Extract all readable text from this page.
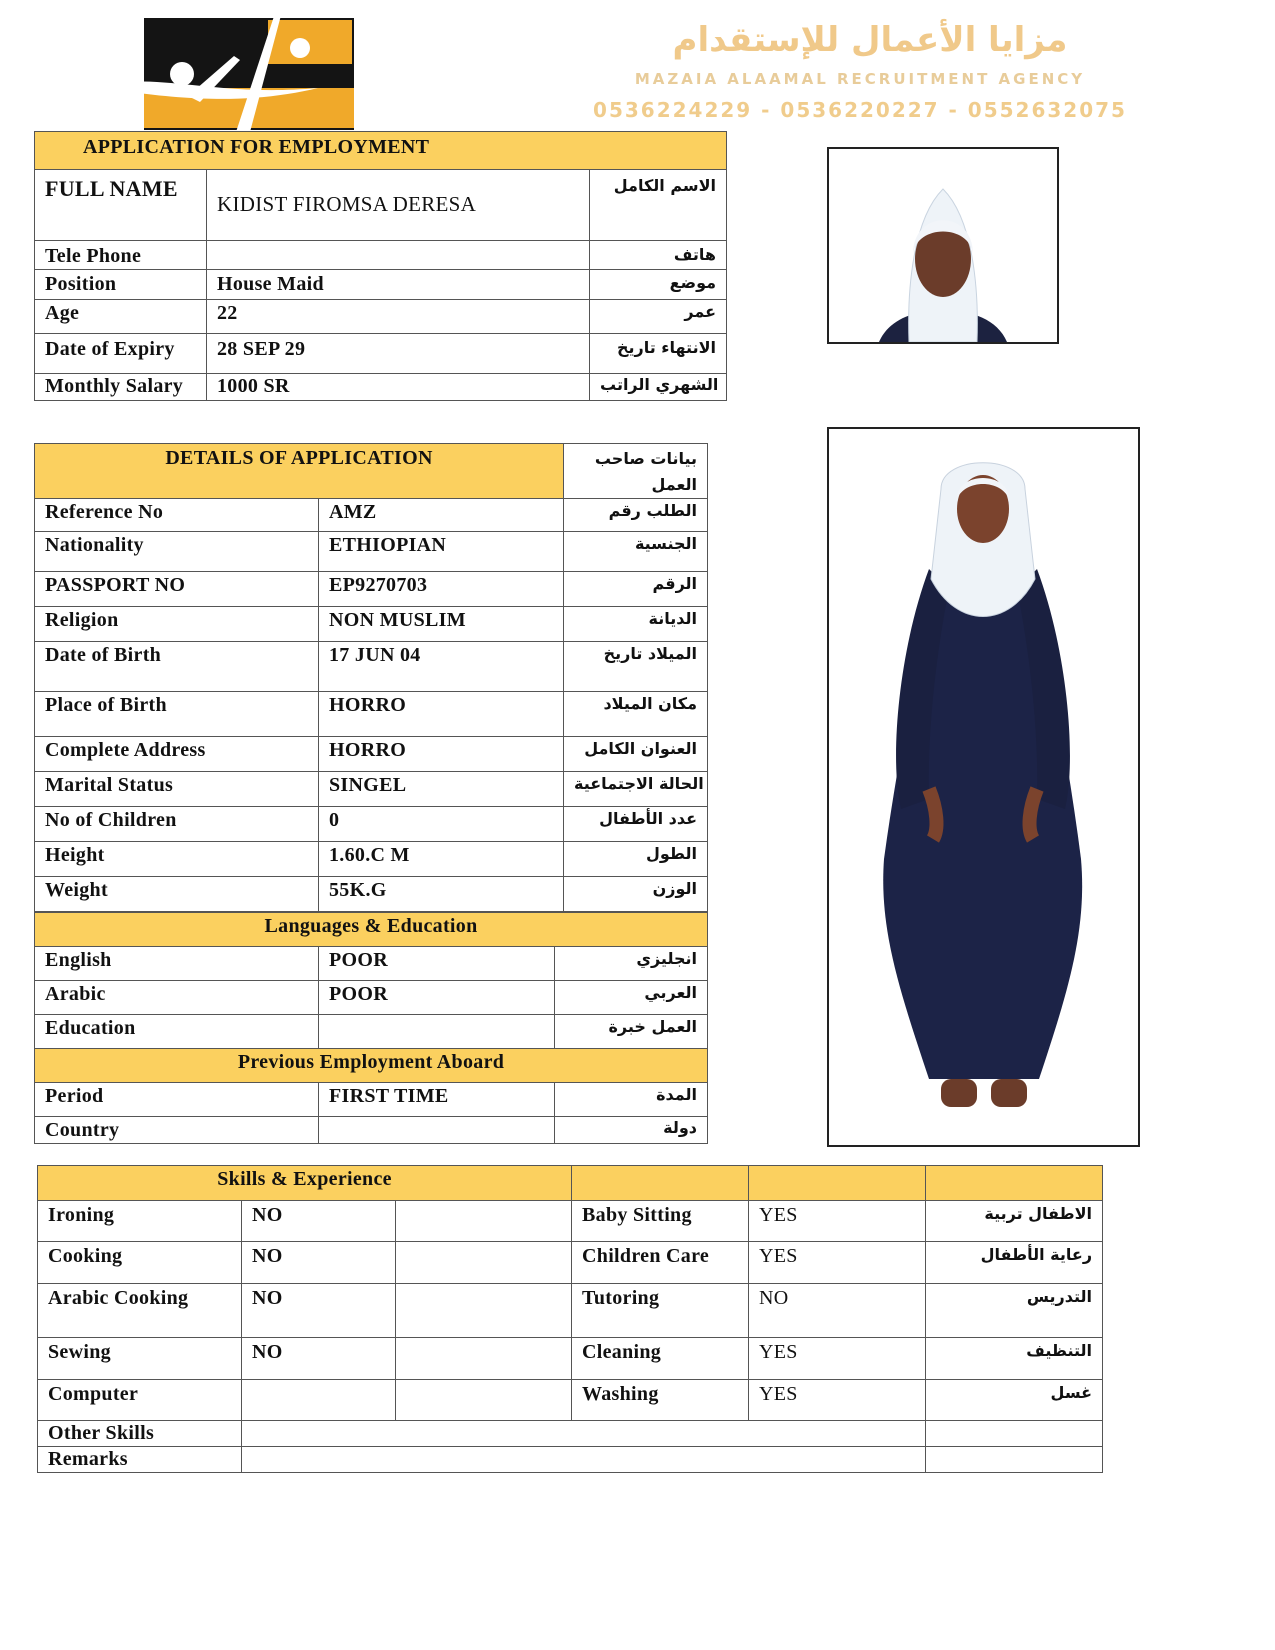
مزايا الأعمال للإستقدام
MAZAIA ALAAMAL RECRUITMENT AGENCY
0536224229 - 0536220227 - 0552632075
APPLICATION FOR EMPLOYMENT		
FULL NAME	KIDIST FIROMSA DERESA	الاسم الكامل
Tele Phone		هاتف
Position	House Maid	موضع
Age	22	عمر
Date of Expiry	28 SEP 29	الانتهاء تاريخ
Monthly Salary	1000 SR	الشهري الراتب
DETAILS OF APPLICATION		بيانات صاحب العمل
Reference No	AMZ	الطلب رقم
Nationality	ETHIOPIAN	الجنسية
PASSPORT NO	EP9270703	الرقم
Religion	NON MUSLIM	الديانة
Date of Birth	17 JUN 04	الميلاد تاريخ
Place of Birth	HORRO	مكان الميلاد
Complete Address	HORRO	العنوان الكامل
Marital Status	SINGEL	الحالة الاجتماعية
No of Children	0	عدد الأطفال
Height	1.60.C M	الطول
Weight	55K.G	الوزن
Languages & Education		
English	POOR	انجليزي
Arabic	POOR	العربي
Education		العمل خبرة
Previous Employment Aboard		
Period	FIRST TIME	المدة
Country		دولة
Skills & Experience					
Ironing	NO		Baby Sitting	YES	الاطفال تربية
Cooking	NO		Children Care	YES	رعاية الأطفال
Arabic Cooking	NO		Tutoring	NO	التدريس
Sewing	NO		Cleaning	YES	التنظيف
Computer			Washing	YES	غسل
Other Skills					
Remarks					
